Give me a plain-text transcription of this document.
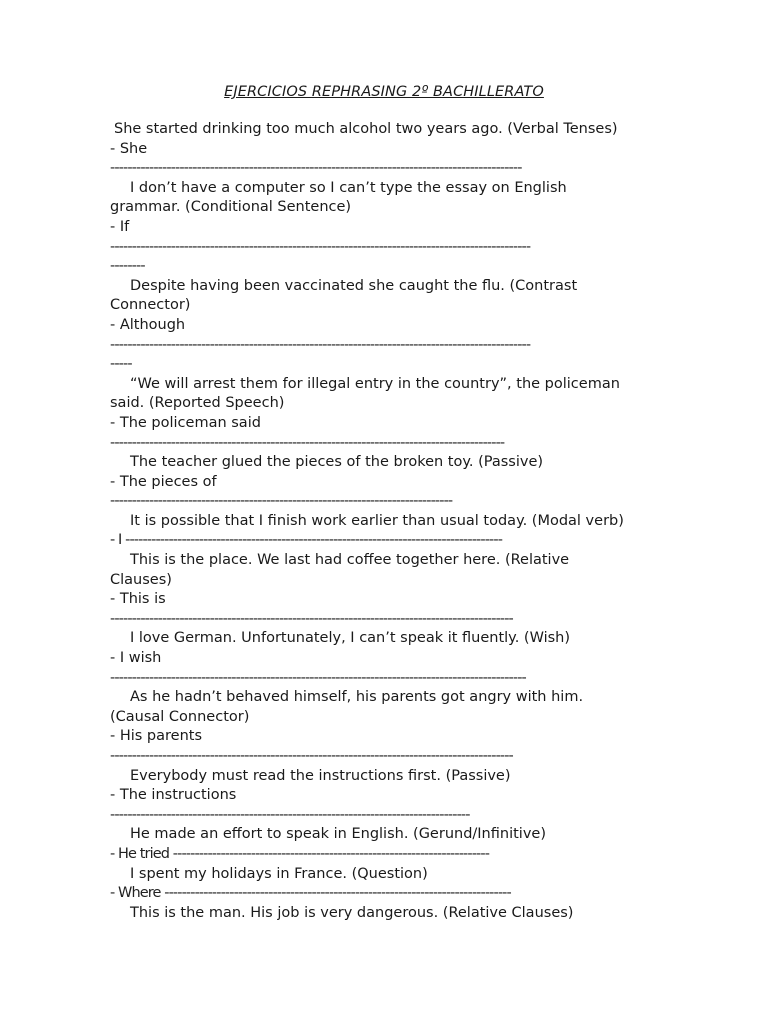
EJERCICIOS REPHRASING 2º BACHILLERATO
She started drinking too much alcohol two years ago. (Verbal Tenses)
- She
-----------------------------------------------------------------------------------------------
I don’t have a computer so I can’t type the essay on English
grammar. (Conditional Sentence)
- If
-------------------------------------------------------------------------------------------------
--------
Despite having been vaccinated she caught the flu. (Contrast
Connector)
- Although
-------------------------------------------------------------------------------------------------
-----
“We will arrest them for illegal entry in the country”, the policeman
said. (Reported Speech)
- The policeman said
-------------------------------------------------------------------------------------------
The teacher glued the pieces of the broken toy. (Passive)
- The pieces of
-------------------------------------------------------------------------------
It is possible that I finish work earlier than usual today. (Modal verb)
- I ---------------------------------------------------------------------------------------
This is the place. We last had coffee together here. (Relative
Clauses)
- This is
---------------------------------------------------------------------------------------------
I love German. Unfortunately, I can’t speak it fluently. (Wish)
- I wish
------------------------------------------------------------------------------------------------
As he hadn’t behaved himself, his parents got angry with him.
(Causal Connector)
- His parents
---------------------------------------------------------------------------------------------
Everybody must read the instructions first. (Passive)
- The instructions
-----------------------------------------------------------------------------------
He made an effort to speak in English. (Gerund/Infinitive)
- He tried -------------------------------------------------------------------------
I spent my holidays in France. (Question)
- Where --------------------------------------------------------------------------------
This is the man. His job is very dangerous. (Relative Clauses)
